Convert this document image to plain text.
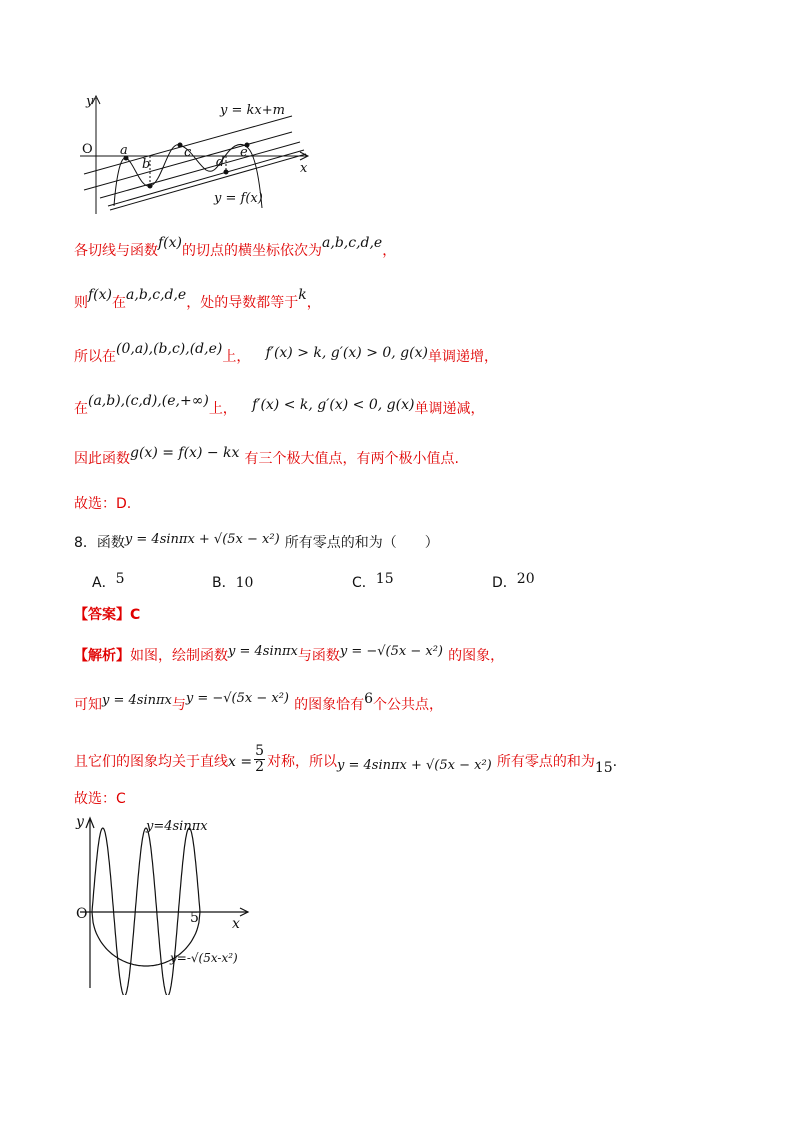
O
y
x
y = kx+m
y = f(x)
a
b
c
d
e
各切线与函数f(x)的切点的横坐标依次为a,b,c,d,e，
则f(x)在a,b,c,d,e，处的导数都等于k，
所以在(0,a),(b,c),(d,e)上， f′(x) > k, g′(x) > 0, g(x)单调递增，
在(a,b),(c,d),(e,+∞)上， f′(x) < k, g′(x) < 0, g(x)单调递减，
因此函数g(x) = f(x) − kx 有三个极大值点，有两个极小值点.
故选：D.
8．函数$^{y = 4sin\pi x + √(5x - x^2)}$ 所有零点的和为（　　）
A．5	B．10	C．15	D．20
【答案】C
【解析】如图，绘制函数$^{y = 4sin\pi x}$与函数$^{y = -√(5x - x^2)}$ 的图象，
可知$^{y = 4sin\pi x}$与$^{y = -√(5x - x^2)}$ 的图象恰有6个公共点，
且它们的图象均关于直线$x = \frac{5}{2}$ 对称，所以y = 4sinπx + √(5x − x²) 所有零点的和为15.
故选：C
y
x
O	5
y=4sinπx
y=-√(5x-x²)
